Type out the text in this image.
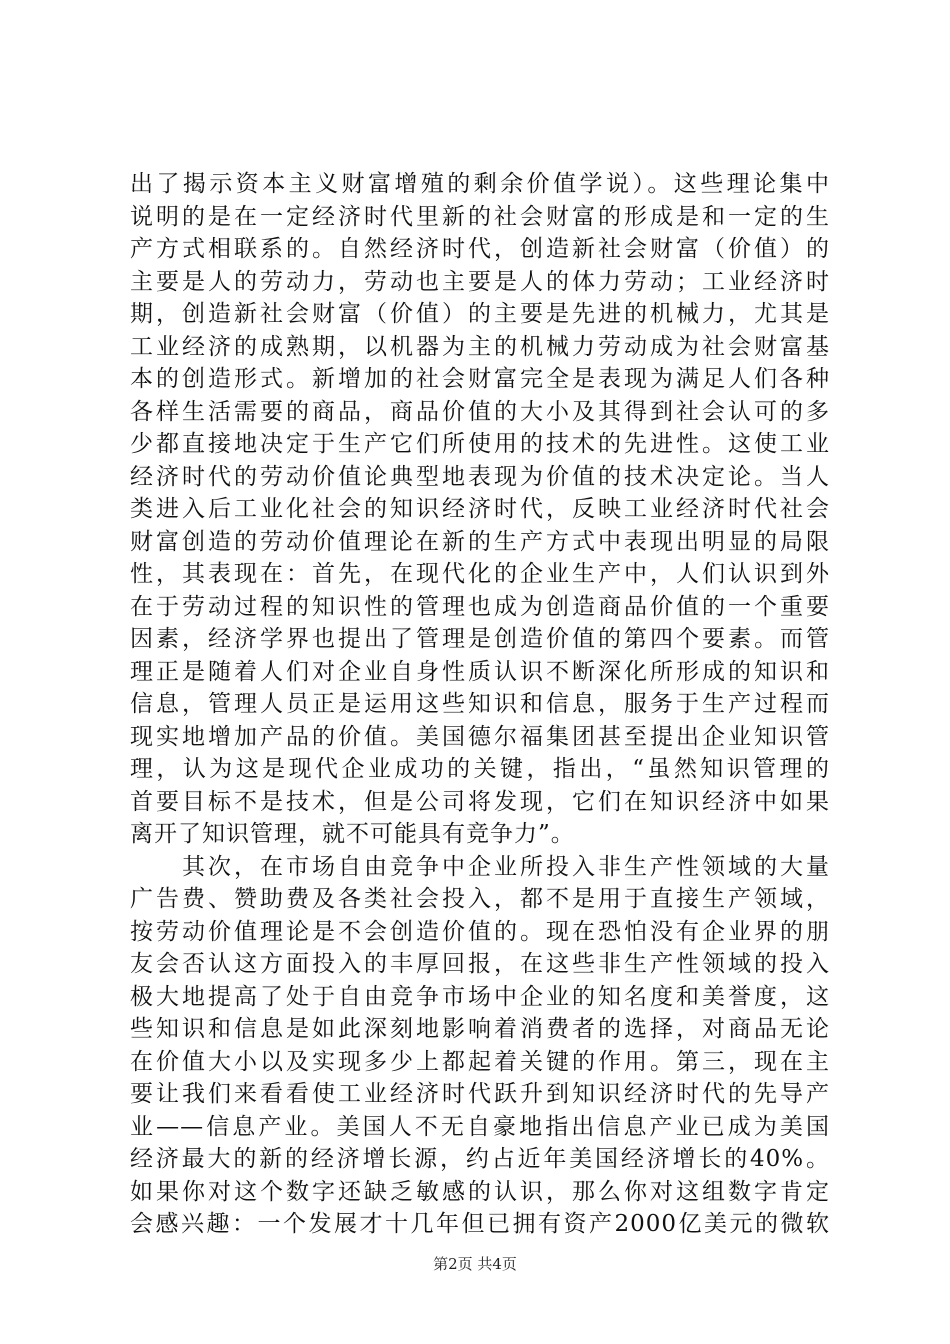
出了揭示资本主义财富增殖的剩余价值学说）。这些理论集中
说明的是在一定经济时代里新的社会财富的形成是和一定的生
产方式相联系的。自然经济时代，创造新社会财富（价值）的
主要是人的劳动力，劳动也主要是人的体力劳动；工业经济时
期，创造新社会财富（价值）的主要是先进的机械力，尤其是
工业经济的成熟期，以机器为主的机械力劳动成为社会财富基
本的创造形式。新增加的社会财富完全是表现为满足人们各种
各样生活需要的商品，商品价值的大小及其得到社会认可的多
少都直接地决定于生产它们所使用的技术的先进性。这使工业
经济时代的劳动价值论典型地表现为价值的技术决定论。当人
类进入后工业化社会的知识经济时代，反映工业经济时代社会
财富创造的劳动价值理论在新的生产方式中表现出明显的局限
性，其表现在：首先，在现代化的企业生产中，人们认识到外
在于劳动过程的知识性的管理也成为创造商品价值的一个重要
因素，经济学界也提出了管理是创造价值的第四个要素。而管
理正是随着人们对企业自身性质认识不断深化所形成的知识和
信息，管理人员正是运用这些知识和信息，服务于生产过程而
现实地增加产品的价值。美国德尔福集团甚至提出企业知识管
理，认为这是现代企业成功的关键，指出，“虽然知识管理的
首要目标不是技术，但是公司将发现，它们在知识经济中如果
离开了知识管理，就不可能具有竞争力”。
　　其次，在市场自由竞争中企业所投入非生产性领域的大量
广告费、赞助费及各类社会投入，都不是用于直接生产领域，
按劳动价值理论是不会创造价值的。现在恐怕没有企业界的朋
友会否认这方面投入的丰厚回报，在这些非生产性领域的投入
极大地提高了处于自由竞争市场中企业的知名度和美誉度，这
些知识和信息是如此深刻地影响着消费者的选择，对商品无论
在价值大小以及实现多少上都起着关键的作用。第三，现在主
要让我们来看看使工业经济时代跃升到知识经济时代的先导产
业——信息产业。美国人不无自豪地指出信息产业已成为美国
经济最大的新的经济增长源，约占近年美国经济增长的40%。
如果你对这个数字还缺乏敏感的认识，那么你对这组数字肯定
会感兴趣：一个发展才十几年但已拥有资产2000亿美元的微软
第2页 共4页
